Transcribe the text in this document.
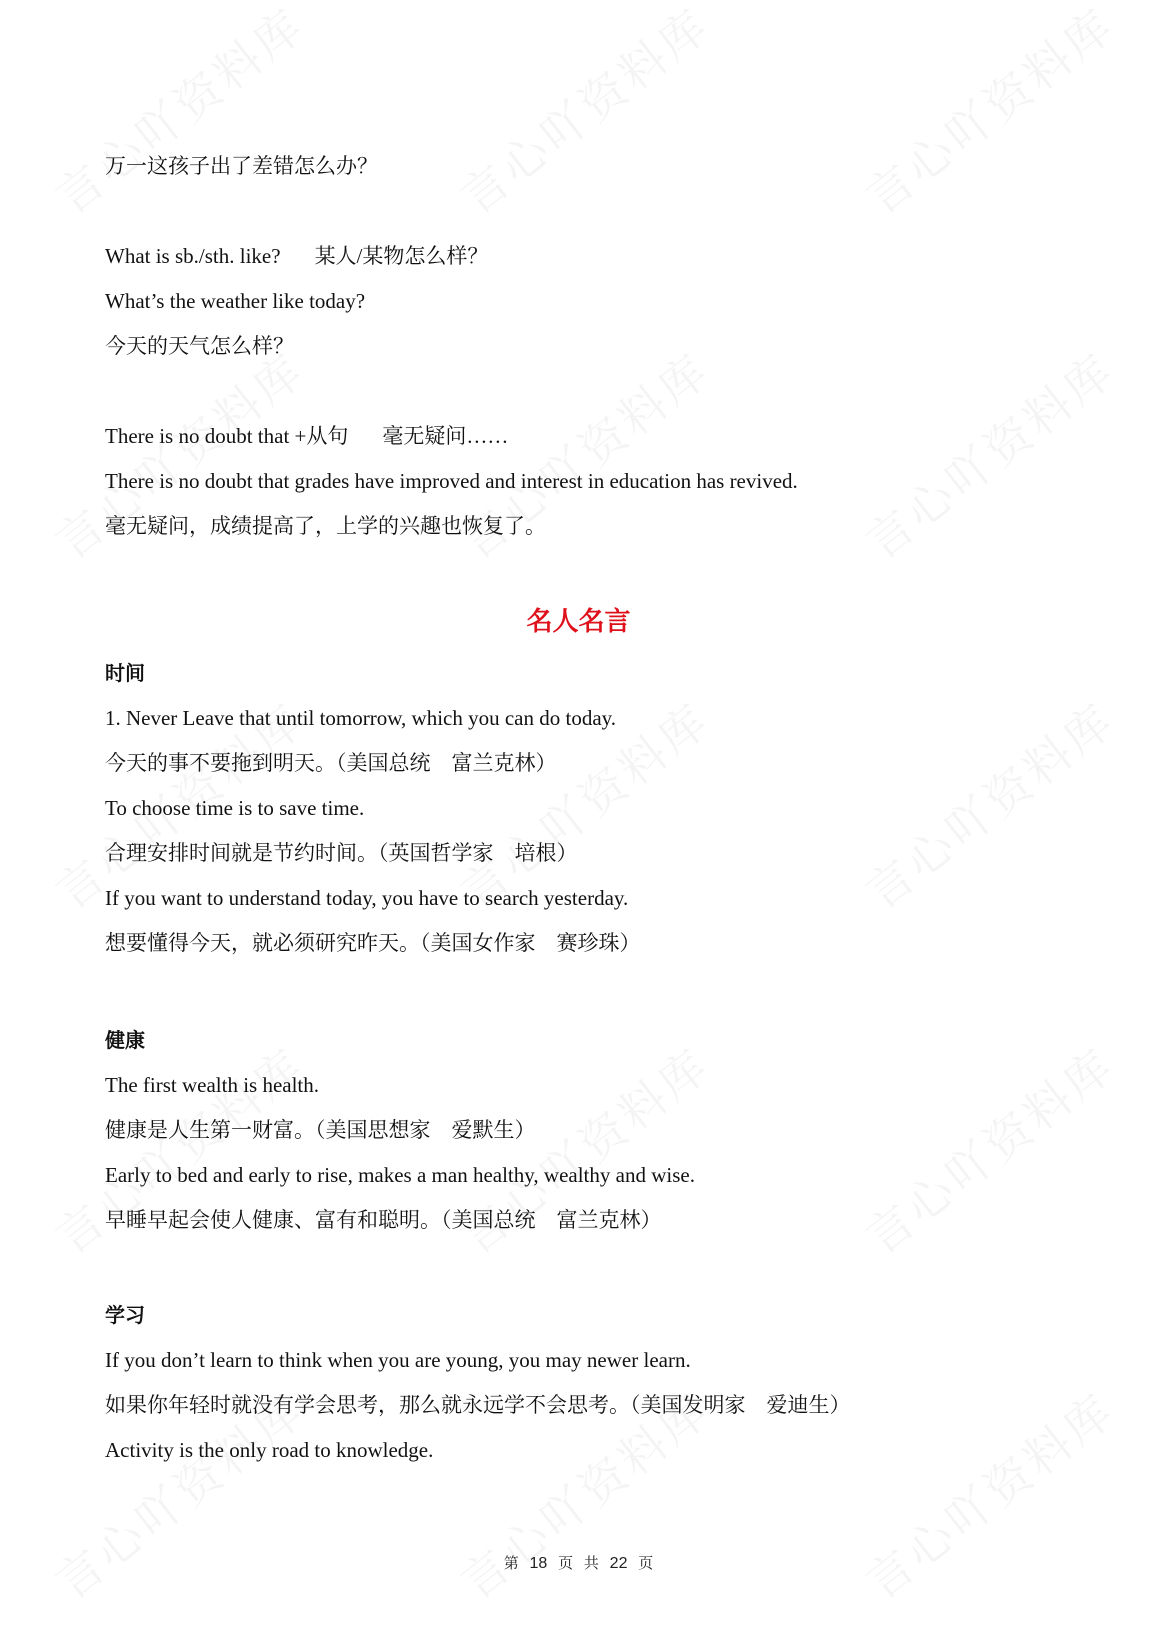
万一这孩子出了差错怎么办？
What is sb./sth. like? 某人/某物怎么样？
What’s the weather like today?
今天的天气怎么样？
There is no doubt that +从句 毫无疑问……
There is no doubt that grades have improved and interest in education has revived.
毫无疑问，成绩提高了，上学的兴趣也恢复了。
名人名言
时间
1. Never Leave that until tomorrow, which you can do today.
今天的事不要拖到明天。（美国总统　富兰克林）
To choose time is to save time.
合理安排时间就是节约时间。（英国哲学家　培根）
If you want to understand today, you have to search yesterday.
想要懂得今天，就必须研究昨天。（美国女作家　赛珍珠）
健康
The first wealth is health.
健康是人生第一财富。（美国思想家　爱默生）
Early to bed and early to rise, makes a man healthy, wealthy and wise.
早睡早起会使人健康、富有和聪明。（美国总统　富兰克林）
学习
If you don’t learn to think when you are young, you may newer learn.
如果你年轻时就没有学会思考，那么就永远学不会思考。（美国发明家　爱迪生）
Activity is the only road to knowledge.
第 18 页 共 22 页
